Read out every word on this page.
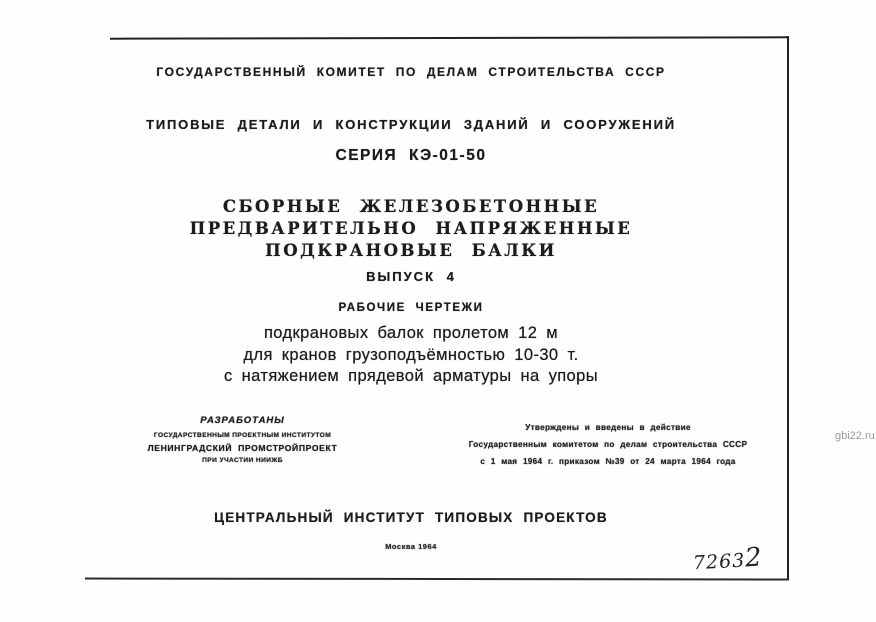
ГОСУДАРСТВЕННЫЙ КОМИТЕТ ПО ДЕЛАМ СТРОИТЕЛЬСТВА СССР
ТИПОВЫЕ ДЕТАЛИ И КОНСТРУКЦИИ ЗДАНИЙ И СООРУЖЕНИЙ
СЕРИЯ КЭ-01-50
СБОРНЫЕ ЖЕЛЕЗОБЕТОННЫЕ
ПРЕДВАРИТЕЛЬНО НАПРЯЖЕННЫЕ
ПОДКРАНОВЫЕ БАЛКИ
ВЫПУСК 4
РАБОЧИЕ ЧЕРТЕЖИ
подкрановых балок пролетом 12 м
для кранов грузоподъёмностью 10-30 т.
с натяжением прядевой арматуры на упоры
РАЗРАБОТАНЫ
ГОСУДАРСТВЕННЫМ ПРОЕКТНЫМ ИНСТИТУТОМ
ЛЕНИНГРАДСКИЙ ПРОМСТРОЙПРОЕКТ
ПРИ УЧАСТИИ НИИЖБ
Утверждены и введены в действие
Государственным комитетом по делам строительства СССР
с 1 мая 1964 г. приказом №39 от 24 марта 1964 года
ЦЕНТРАЛЬНЫЙ ИНСТИТУТ ТИПОВЫХ ПРОЕКТОВ
Москва 1964
7263
2
gbi22.ru
